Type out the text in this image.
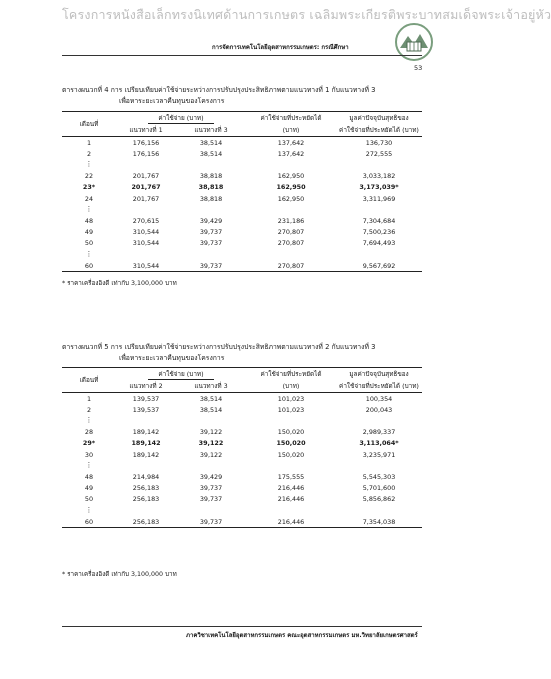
โครงการหนังสือเล็กทรงนิเทศด้านการเกษตร เฉลิมพระเกียรติพระบาทสมเด็จพระเจ้าอยู่หัว
การจัดการเทคโนโลยีอุตสาหกรรมเกษตร: กรณีศึกษา
53
ตารางผนวกที่ 4 การ เปรียบเทียบค่าใช้จ่ายระหว่างการปรับปรุงประสิทธิภาพตามแนวทางที่ 1 กับแนวทางที่ 3
เพื่อหาระยะเวลาคืนทุนของโครงการ
เดือนที่	ค่าใช้จ่าย (บาท)		ค่าใช้จ่ายที่ประหยัดได้	มูลค่าปัจจุบันสุทธิของ
	แนวทางที่ 1	แนวทางที่ 3	(บาท)	ค่าใช้จ่ายที่ประหยัดได้ (บาท)
1	176,156	38,514	137,642	136,730
2	176,156	38,514	137,642	272,555
⋮				
22	201,767	38,818	162,950	3,033,182
23*	201,767	38,818	162,950	3,173,039*
24	201,767	38,818	162,950	3,311,969
⋮				
48	270,615	39,429	231,186	7,304,684
49	310,544	39,737	270,807	7,500,236
50	310,544	39,737	270,807	7,694,493
⋮				
60	310,544	39,737	270,807	9,567,692
* ราคาเครื่องอิงดี เท่ากับ 3,100,000 บาท
ตารางผนวกที่ 5 การ เปรียบเทียบค่าใช้จ่ายระหว่างการปรับปรุงประสิทธิภาพตามแนวทางที่ 2 กับแนวทางที่ 3
เพื่อหาระยะเวลาคืนทุนของโครงการ
เดือนที่	ค่าใช้จ่าย (บาท)		ค่าใช้จ่ายที่ประหยัดได้	มูลค่าปัจจุบันสุทธิของ
	แนวทางที่ 2	แนวทางที่ 3	(บาท)	ค่าใช้จ่ายที่ประหยัดได้ (บาท)
1	139,537	38,514	101,023	100,354
2	139,537	38,514	101,023	200,043
⋮				
28	189,142	39,122	150,020	2,989,337
29*	189,142	39,122	150,020	3,113,064*
30	189,142	39,122	150,020	3,235,971
⋮				
48	214,984	39,429	175,555	5,545,303
49	256,183	39,737	216,446	5,701,600
50	256,183	39,737	216,446	5,856,862
⋮				
60	256,183	39,737	216,446	7,354,038
* ราคาเครื่องอิงดี เท่ากับ 3,100,000 บาท
ภาควิชาเทคโนโลยีอุตสาหกรรมเกษตร คณะอุตสาหกรรมเกษตร มห.วิทยาลัยเกษตรศาสตร์
